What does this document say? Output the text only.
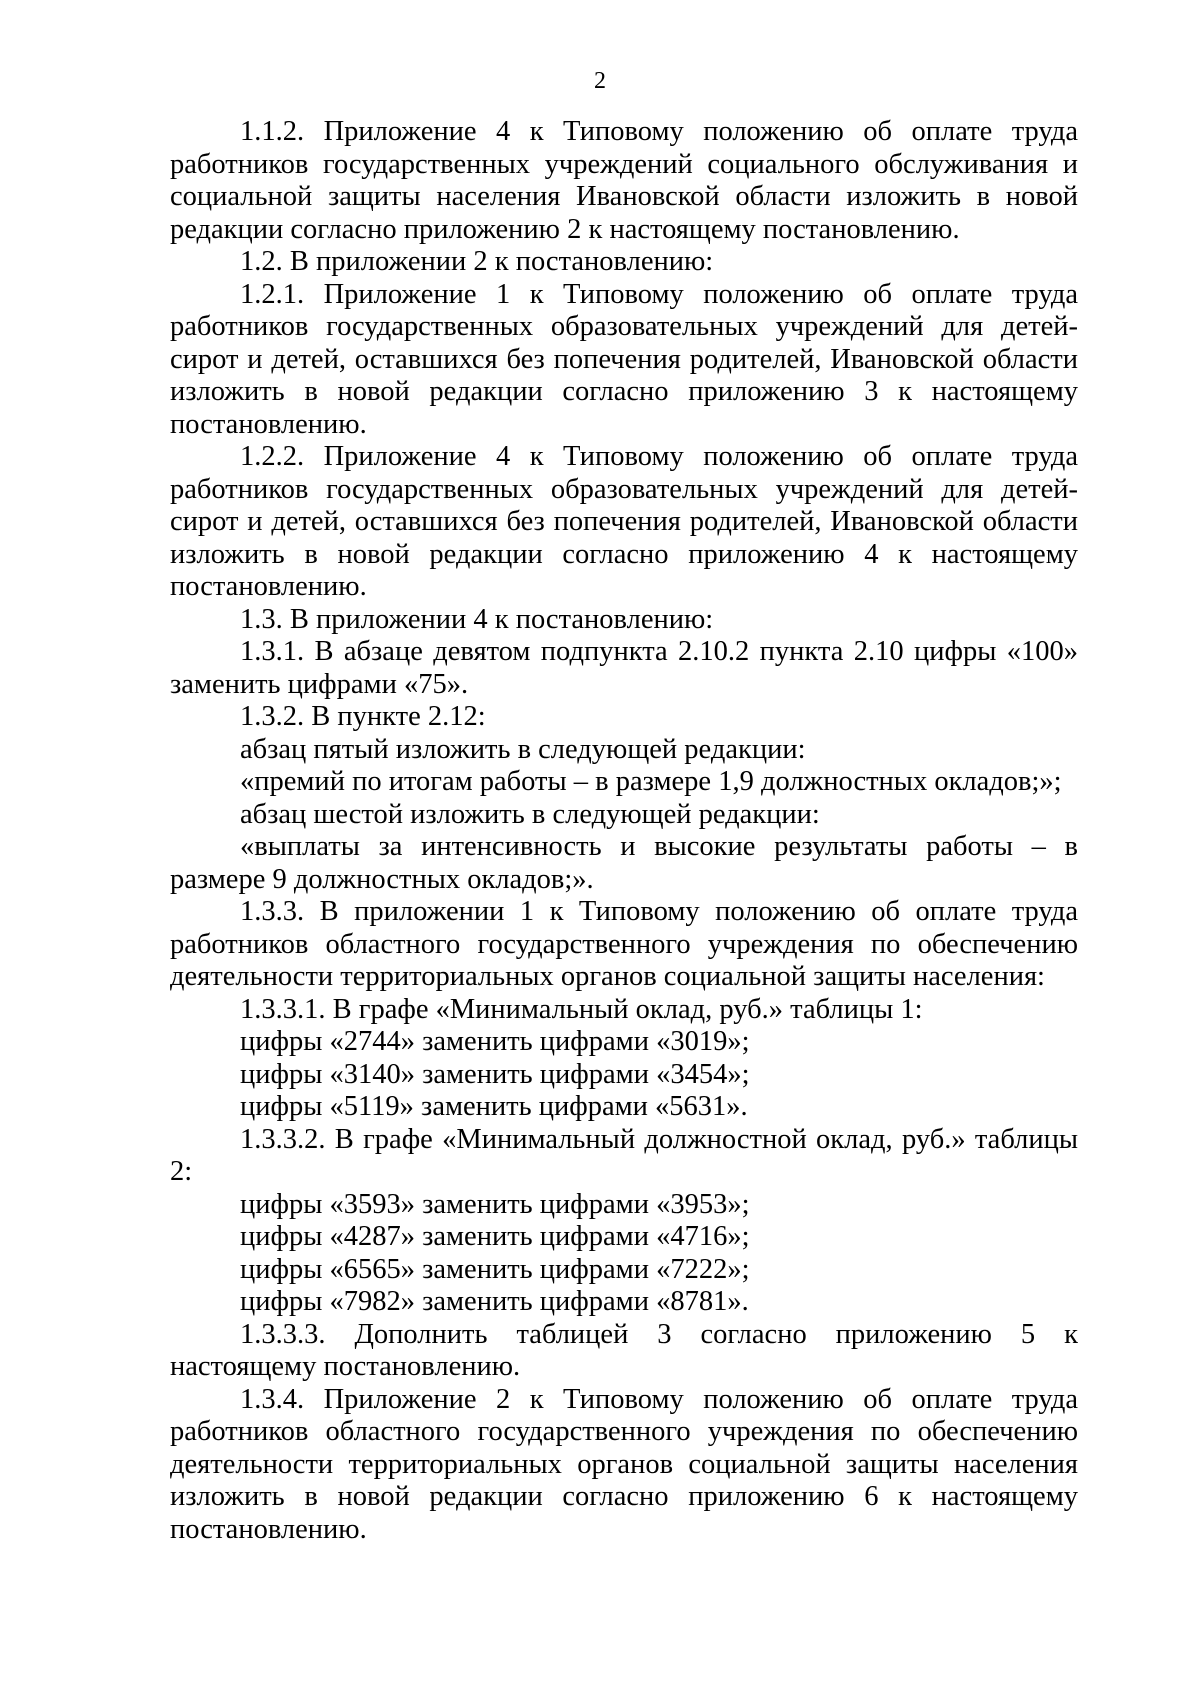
2

1.1.2. Приложение 4 к Типовому положению об оплате труда работников государственных учреждений социального обслуживания и социальной защиты населения Ивановской области изложить в новой редакции согласно приложению 2 к настоящему постановлению.

1.2. В приложении 2 к постановлению:

1.2.1. Приложение 1 к Типовому положению об оплате труда работников государственных образовательных учреждений для детей-сирот и детей, оставшихся без попечения родителей, Ивановской области изложить в новой редакции согласно приложению 3 к настоящему постановлению.

1.2.2. Приложение 4 к Типовому положению об оплате труда работников государственных образовательных учреждений для детей-сирот и детей, оставшихся без попечения родителей, Ивановской области изложить в новой редакции согласно приложению 4 к настоящему постановлению.

1.3. В приложении 4 к постановлению:

1.3.1. В абзаце девятом подпункта 2.10.2 пункта 2.10 цифры «100» заменить цифрами «75».

1.3.2. В пункте 2.12:

абзац пятый изложить в следующей редакции:

«премий по итогам работы – в размере 1,9 должностных окладов;»;

абзац шестой изложить в следующей редакции:

«выплаты за интенсивность и высокие результаты работы – в размере 9 должностных окладов;».

1.3.3. В приложении 1 к Типовому положению об оплате труда работников областного государственного учреждения по обеспечению деятельности территориальных органов социальной защиты населения:

1.3.3.1. В графе «Минимальный оклад, руб.» таблицы 1:

цифры «2744» заменить цифрами «3019»;

цифры «3140» заменить цифрами «3454»;

цифры «5119» заменить цифрами «5631».

1.3.3.2. В графе «Минимальный должностной оклад, руб.» таблицы 2:

цифры «3593» заменить цифрами «3953»;

цифры «4287» заменить цифрами «4716»;

цифры «6565» заменить цифрами «7222»;

цифры «7982» заменить цифрами «8781».

1.3.3.3. Дополнить таблицей 3 согласно приложению 5 к настоящему постановлению.

1.3.4. Приложение 2 к Типовому положению об оплате труда работников областного государственного учреждения по обеспечению деятельности территориальных органов социальной защиты населения изложить в новой редакции согласно приложению 6 к настоящему постановлению.
